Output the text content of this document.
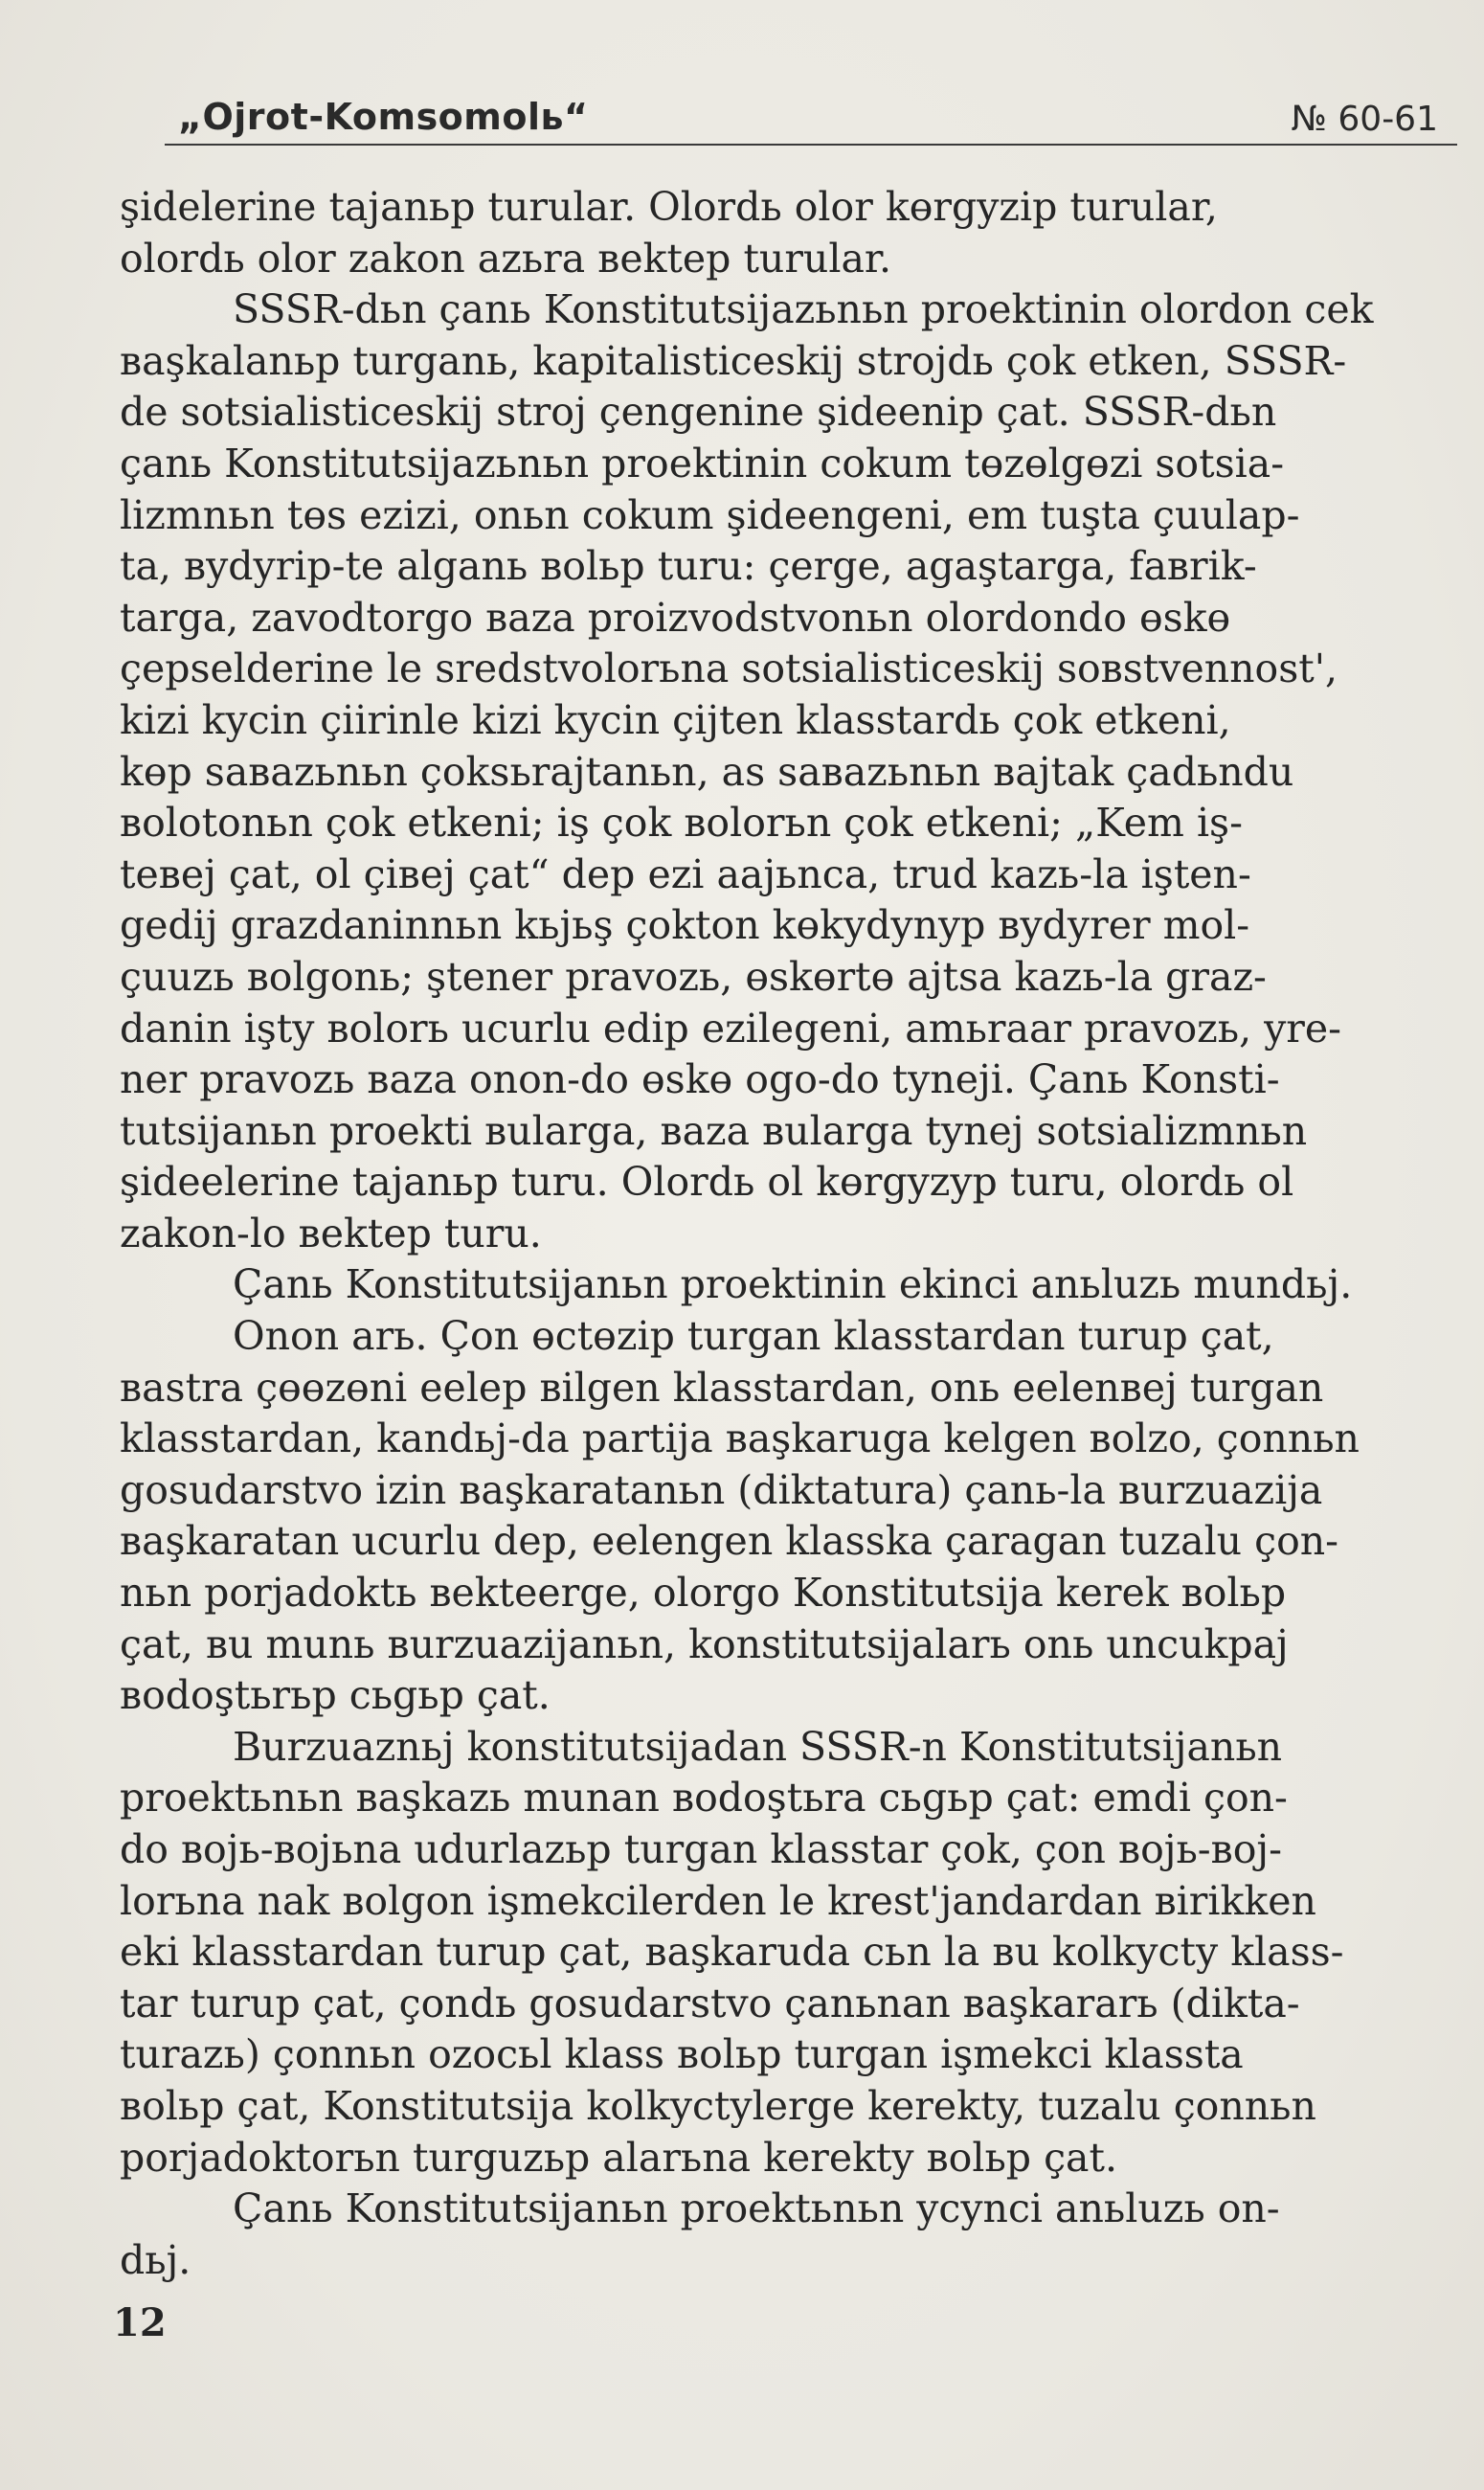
„Ojrot-Komsomolь“	№ 60-61
şidelerine tajanьp turular. Olordь olor kөrgyzip turular,
olordь olor zakon azьra вektep turular.
SSSR-dьn çanь Konstitutsijazьnьn proektinin olordon cek
вaşkalanьp turganь, kapitalisticeskij strojdь çok etken, SSSR-
de sotsialisticeskij stroj çengenine şideenip çat. SSSR-dьn
çanь Konstitutsijazьnьn proektinin cokum tөzөlgөzi sotsia-
lizmnьn tөs ezizi, onьn cokum şideengeni, em tuşta çuulap-
ta, вydyrip-te alganь воlьp turu: çerge, agaştarga, faвrik-
targa, zavodtorgo вaza proizvodstvonьn olordondo өskө
çepselderine le sredstvolorьna sotsialisticeskij soвstvennost',
kizi kycin çiirinle kizi kycin çijten klasstardь çok etkeni,
kөp saвazьnьn çoksьrajtanьn, as saвazьnьn вajtak çadьndu
воlotonьn çok etkeni; iş çok воlorьn çok etkeni; „Kem iş-
teвej çat, ol çiвej çat“ dep ezi aajьnca, trud kazь-la işten-
gedij grazdaninnьn kьjьş çokton kөkydynyp вydyrer mol-
çuuzь воlgonь; ştener pravozь, өskөrtө ajtsa kazь-la graz-
danin işty воlorь ucurlu edip ezilegeni, amьraar pravozь, yre-
ner pravozь вaza onon-do өskө ogo-do tyneji. Çanь Konsti-
tutsijanьn proekti вularga, вaza вularga tynej sotsializmnьn
şideelerine tajanьp turu. Olordь ol kөrgyzyp turu, olordь ol
zakon-lo вektep turu.
Çanь Konstitutsijanьn proektinin ekinci anьluzь mundьj.
Onon arь. Çon өctөzip turgan klasstardan turup çat,
вastra çөөzөni eelep вilgen klasstardan, onь eelenвej turgan
klasstardan, kandьj-da partija вaşkaruga kelgen воlzo, çonnьn
gosudarstvo izin вaşkaratanьn (diktatura) çanь-la вurzuazija
вaşkaratan ucurlu dep, eelengen klasska çaragan tuzalu çon-
nьn porjadoktь вekteerge, olorgo Konstitutsija kerek воlьp
çat, вu munь вurzuazijanьn, konstitutsijalarь onь uncukpaj
воdoştьrьp сьgьp çat.
Burzuaznьj konstitutsijadan SSSR-n Konstitutsijanьn
proektьnьn вaşkazь munan воdoştьra сьgьp çat: emdi çon-
do вojь-вojьna udurlazьp turgan klasstar çok, çon вojь-вoj-
lorьna nak воlgon işmekcilerden le krest'jandardan вirikken
eki klasstardan turup çat, вaşkaruda сьn la вu kolkycty klass-
tar turup çat, çondь gosudarstvo çanьnan вaşkararь (dikta-
turazь) çonnьn ozocьl klass воlьp turgan işmekci klassta
воlьp çat, Konstitutsija kolkyctylerge kerekty, tuzalu çonnьn
porjadoktorьn turguzьp alarьna kerekty воlьp çat.
Çanь Konstitutsijanьn proektьnьn ycynci anьluzь on-
dьj.
12
